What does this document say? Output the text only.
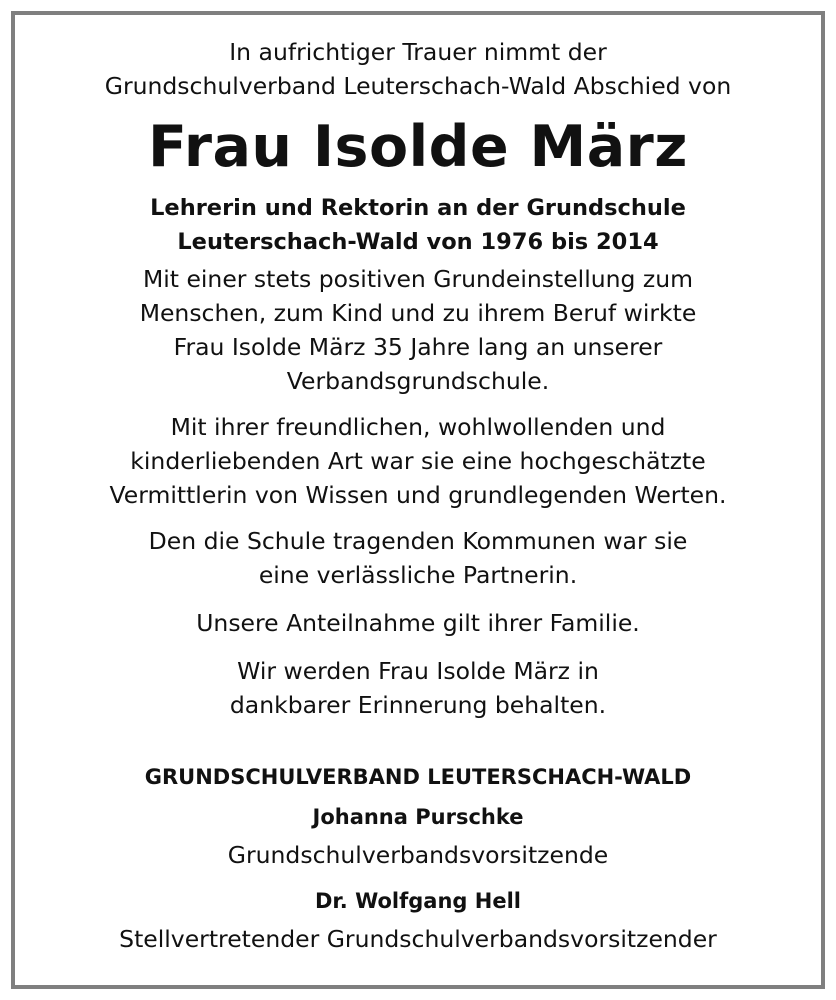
In aufrichtiger Trauer nimmt der
Grundschulverband Leuterschach-Wald Abschied von
Frau Isolde März
Lehrerin und Rektorin an der Grundschule
Leuterschach-Wald von 1976 bis 2014
Mit einer stets positiven Grundeinstellung zum
Menschen, zum Kind und zu ihrem Beruf wirkte
Frau Isolde März 35 Jahre lang an unserer
Verbandsgrundschule.
Mit ihrer freundlichen, wohlwollenden und
kinderliebenden Art war sie eine hochgeschätzte
Vermittlerin von Wissen und grundlegenden Werten.
Den die Schule tragenden Kommunen war sie
eine verlässliche Partnerin.
Unsere Anteilnahme gilt ihrer Familie.
Wir werden Frau Isolde März in
dankbarer Erinnerung behalten.
GRUNDSCHULVERBAND LEUTERSCHACH-WALD
Johanna Purschke
Grundschulverbandsvorsitzende
Dr. Wolfgang Hell
Stellvertretender Grundschulverbandsvorsitzender
